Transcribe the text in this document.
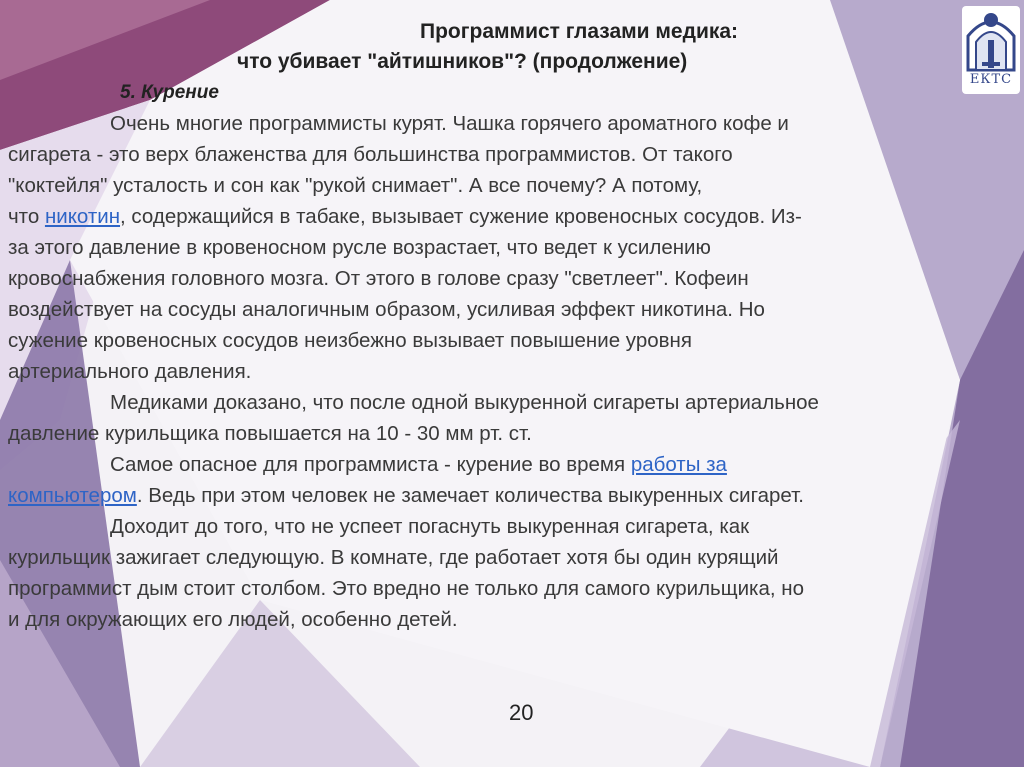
ЕКТС
Программист глазами медика:
что убивает "айтишников"? (продолжение)
5. Курение

Очень многие программисты курят. Чашка горячего ароматного кофе и

сигарета - это верх блаженства для большинства программистов. От такого

"коктейля" усталость и сон как "рукой снимает". А все почему? А потому,

что никотин, содержащийся в табаке, вызывает сужение кровеносных сосудов. Из-

за этого давление в кровеносном русле возрастает, что ведет к усилению

кровоснабжения головного мозга. От этого в голове сразу "светлеет". Кофеин

воздействует на сосуды аналогичным образом, усиливая эффект никотина. Но

сужение кровеносных сосудов неизбежно вызывает повышение уровня

артериального давления.

Медиками доказано, что после одной выкуренной сигареты артериальное

давление курильщика повышается на 10 - 30 мм рт. ст.

Самое опасное для программиста - курение во время работы за

компьютером. Ведь при этом человек не замечает количества выкуренных сигарет.

Доходит до того, что не успеет погаснуть выкуренная сигарета, как

курильщик зажигает следующую. В комнате, где работает хотя бы один курящий

программист дым стоит столбом. Это вредно не только для самого курильщика, но

и для окружающих его людей, особенно детей.

20
